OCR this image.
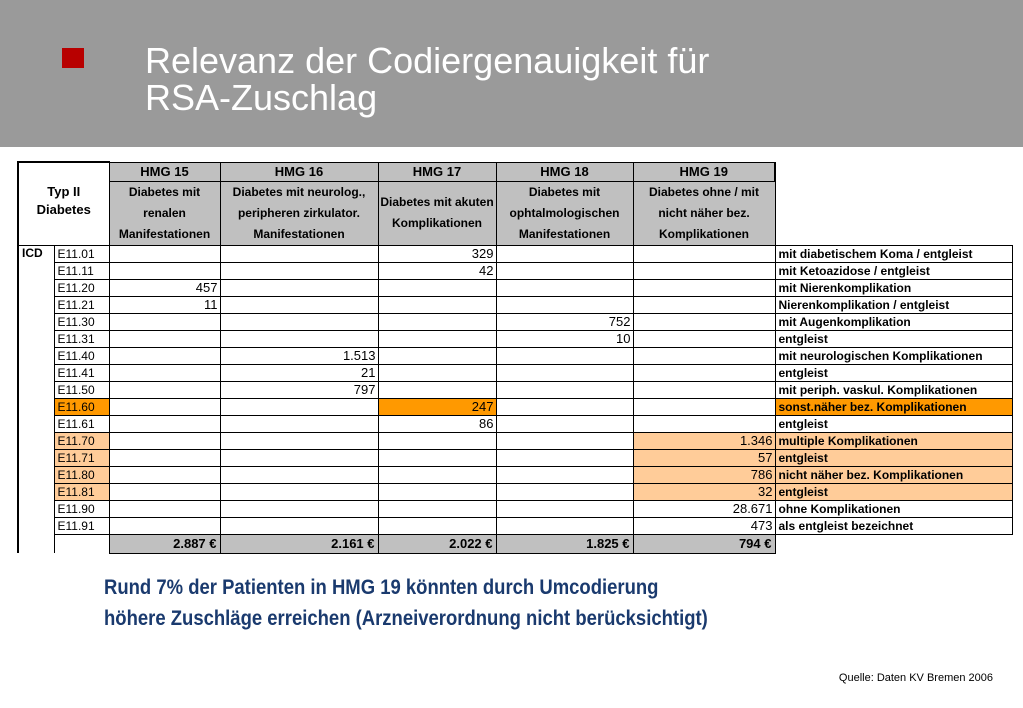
Relevanz der Codiergenauigkeit für
RSA-Zuschlag
Typ II Diabetes		HMG 15	HMG 16	HMG 17	HMG 18	HMG 19	
		Diabetes mit renalen Manifestationen	Diabetes mit neurolog., peripheren zirkulator. Manifestationen	Diabetes mit akuten Komplikationen	Diabetes mit ophtalmologischen Manifestationen	Diabetes ohne / mit nicht näher bez. Komplikationen	
ICD	E11.01			329			mit diabetischem Koma / entgleist
	E11.11			42			mit Ketoazidose / entgleist
	E11.20	457					mit Nierenkomplikation
	E11.21	11					Nierenkomplikation / entgleist
	E11.30				752		mit Augenkomplikation
	E11.31				10		entgleist
	E11.40		1.513				mit neurologischen Komplikationen
	E11.41		21				entgleist
	E11.50		797				mit periph. vaskul. Komplikationen
	E11.60			247			sonst.näher bez. Komplikationen
	E11.61			86			entgleist
	E11.70					1.346	multiple Komplikationen
	E11.71					57	entgleist
	E11.80					786	nicht näher bez. Komplikationen
	E11.81					32	entgleist
	E11.90					28.671	ohne Komplikationen
	E11.91					473	als entgleist bezeichnet
		2.887 €	2.161 €	2.022 €	1.825 €	794 €	
Rund 7% der Patienten in HMG 19 könnten durch Umcodierung
höhere Zuschläge erreichen (Arzneiverordnung nicht berücksichtigt)
Quelle: Daten KV Bremen 2006
